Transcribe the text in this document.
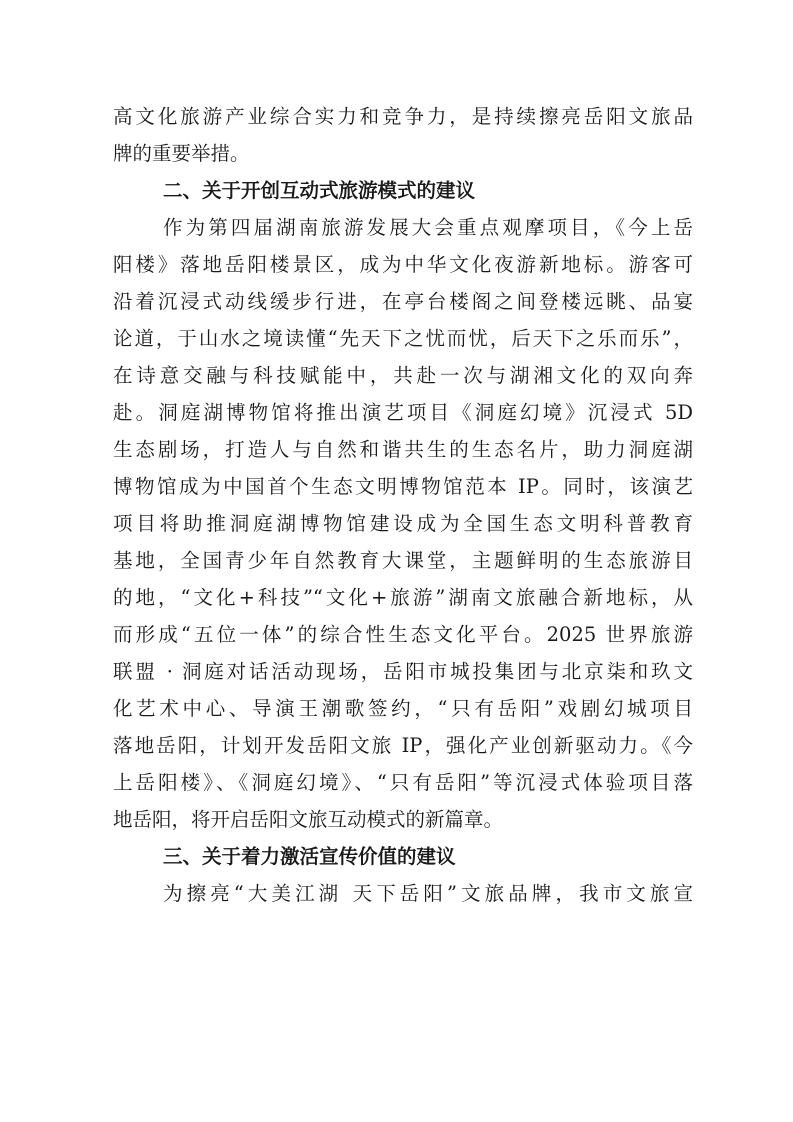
高文化旅游产业综合实力和竞争力，是持续擦亮岳阳文旅品
牌的重要举措。
二、关于开创互动式旅游模式的建议
作为第四届湖南旅游发展大会重点观摩项目，《今上岳
阳楼》落地岳阳楼景区，成为中华文化夜游新地标。游客可
沿着沉浸式动线缓步行进，在亭台楼阁之间登楼远眺、品宴
论道，于山水之境读懂“先天下之忧而忧，后天下之乐而乐”，
在诗意交融与科技赋能中，共赴一次与湖湘文化的双向奔
赴。洞庭湖博物馆将推出演艺项目《洞庭幻境》沉浸式 5D
生态剧场，打造人与自然和谐共生的生态名片，助力洞庭湖
博物馆成为中国首个生态文明博物馆范本 IP。同时，该演艺
项目将助推洞庭湖博物馆建设成为全国生态文明科普教育
基地，全国青少年自然教育大课堂，主题鲜明的生态旅游目
的地，“文化+科技”“文化+旅游”湖南文旅融合新地标，从
而形成“五位一体”的综合性生态文化平台。2025 世界旅游
联盟 · 洞庭对话活动现场，岳阳市城投集团与北京柒和玖文
化艺术中心、导演王潮歌签约，“只有岳阳”戏剧幻城项目
落地岳阳，计划开发岳阳文旅 IP，强化产业创新驱动力。《今
上岳阳楼》、《洞庭幻境》、“只有岳阳”等沉浸式体验项目落
地岳阳，将开启岳阳文旅互动模式的新篇章。
三、关于着力激活宣传价值的建议
为擦亮“大美江湖 天下岳阳”文旅品牌，我市文旅宣
